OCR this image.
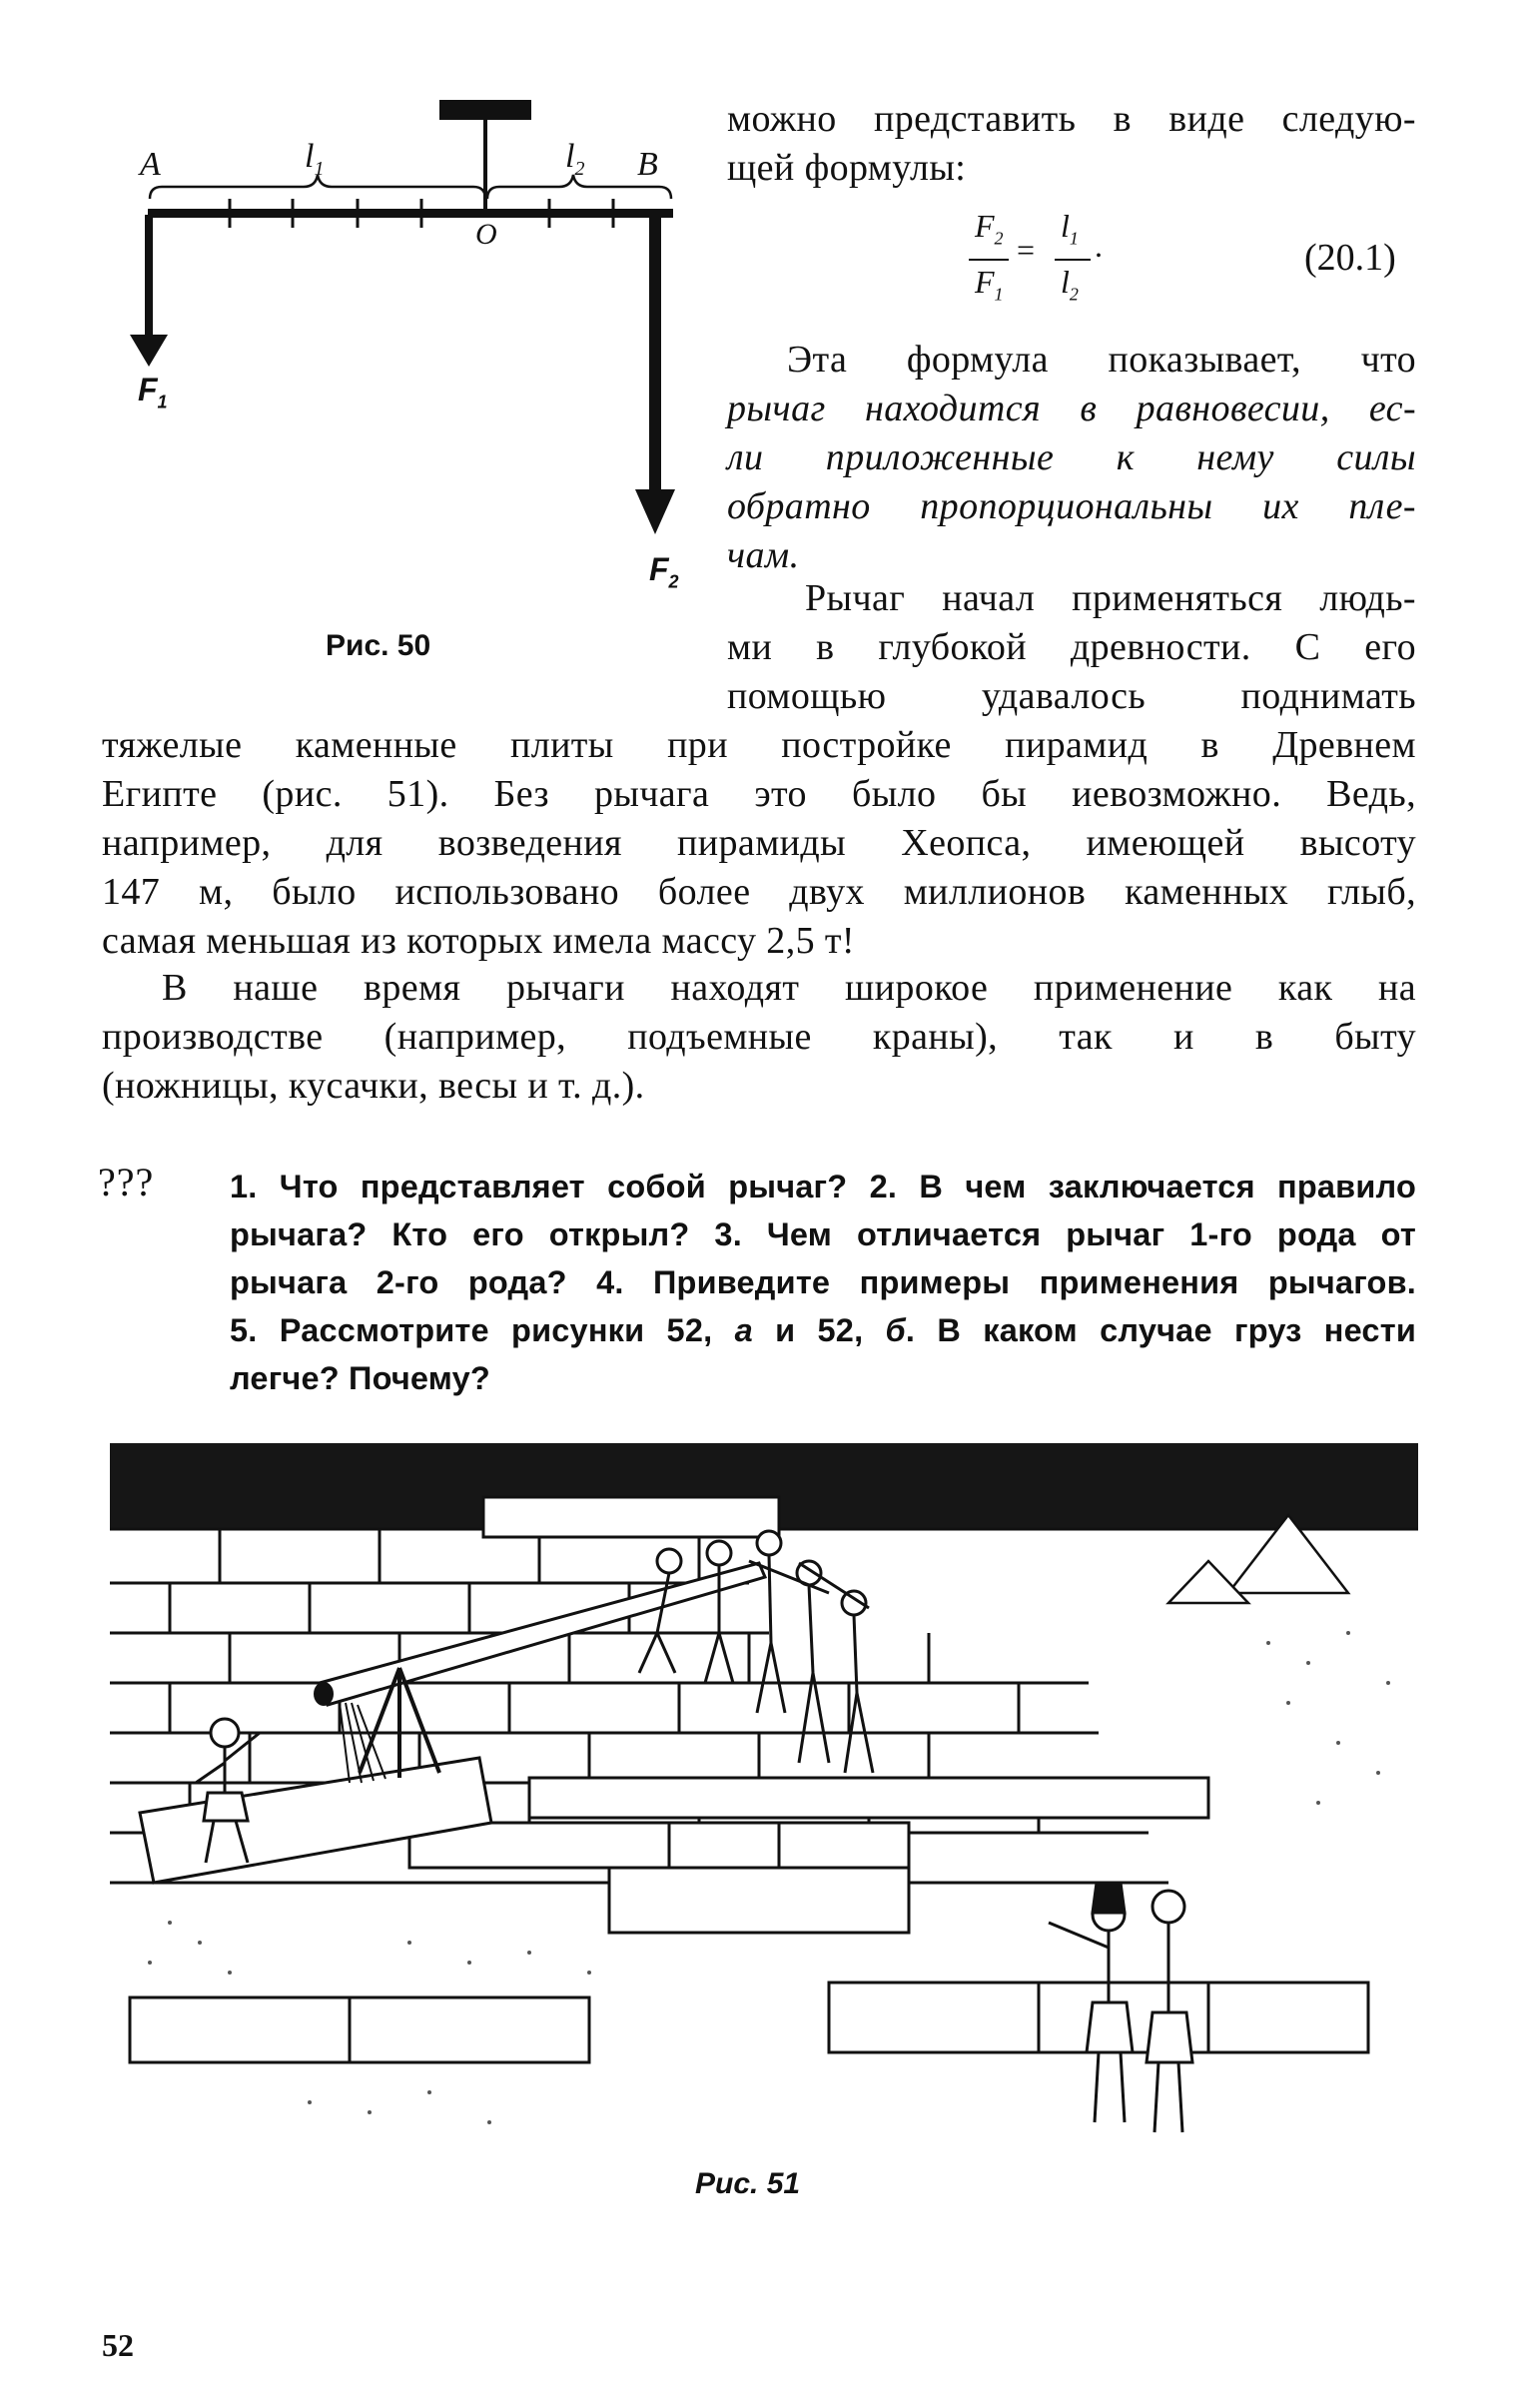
A	$l_1$	$l_2$ B
O
$F_1$
$F_2$
Рис. 50
можно представить в виде следую-
щей формулы:
$F_2$
$F_1$
=
$l_1$
$l_2$
.	(20.1)
Эта формула показывает, что
рычаг находится в равновесии, ес-
ли приложенные к нему силы
обратно пропорциональны их пле-
чам.
Рычаг начал применяться людь-
ми в глубокой древности. С его
помощью удавалось поднимать
тяжелые каменные плиты при постройке пирамид в Древнем
Египте (рис. 51). Без рычага это было бы иевозможно. Ведь,
например, для возведения пирамиды Хеопса, имеющей высоту
147 м, было использовано более двух миллионов каменных глыб,
самая меньшая из которых имела массу 2,5 т!
В наше время рычаги находят широкое применение как на
производстве (например, подъемные краны), так и в быту
(ножницы, кусачки, весы и т. д.).
??? 1. Что представляет собой рычаг? 2. В чем заключается правило
рычага? Кто его открыл? 3. Чем отличается рычаг 1-го рода от
рычага 2-го рода? 4. Приведите примеры применения рычагов.
5. Рассмотрите рисунки 52, а и 52, б. В каком случае груз нести
легче? Почему?
Рис. 51
52
